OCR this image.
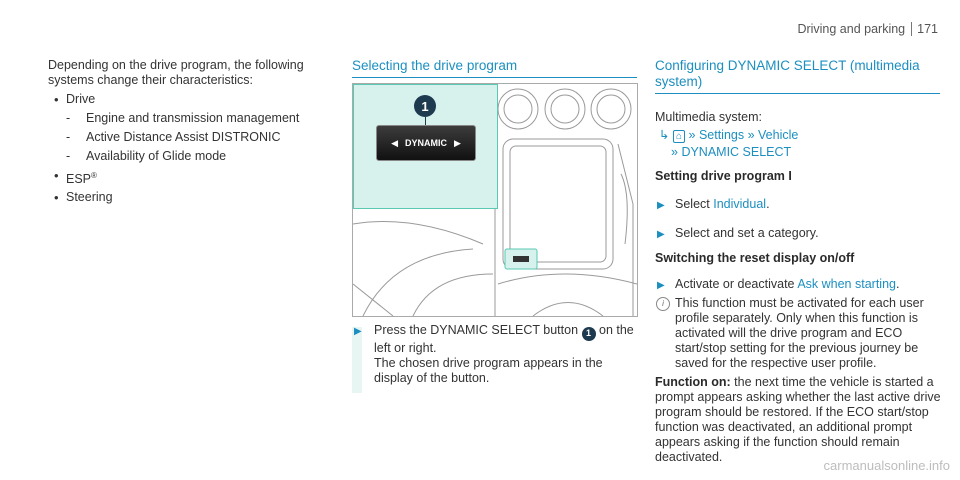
Driving and parking 171
Depending on the drive program, the following systems change their characteristics:
• Drive
- Engine and transmission management
- Active Distance Assist DISTRONIC
- Availability of Glide mode
• ESP®
• Steering
Selecting the drive program
1
◀ DYNAMIC ▶
▶ Press the DYNAMIC SELECT button 1 on the left or right.
The chosen drive program appears in the display of the button.
Configuring DYNAMIC SELECT (multimedia system)
Multimedia system:
↳ ⌂ » Settings » Vehicle
» DYNAMIC SELECT
Setting drive program I
▶ Select Individual.
▶ Select and set a category.
Switching the reset display on/off
▶ Activate or deactivate Ask when starting.
i This function must be activated for each user profile separately. Only when this function is activated will the drive program and ECO start/stop setting for the previous journey be saved for the respective user profile.
Function on: the next time the vehicle is started a prompt appears asking whether the last active drive program should be restored. If the ECO start/stop function was deactivated, an additional prompt appears asking if the function should remain deactivated.
carmanualsonline.info
